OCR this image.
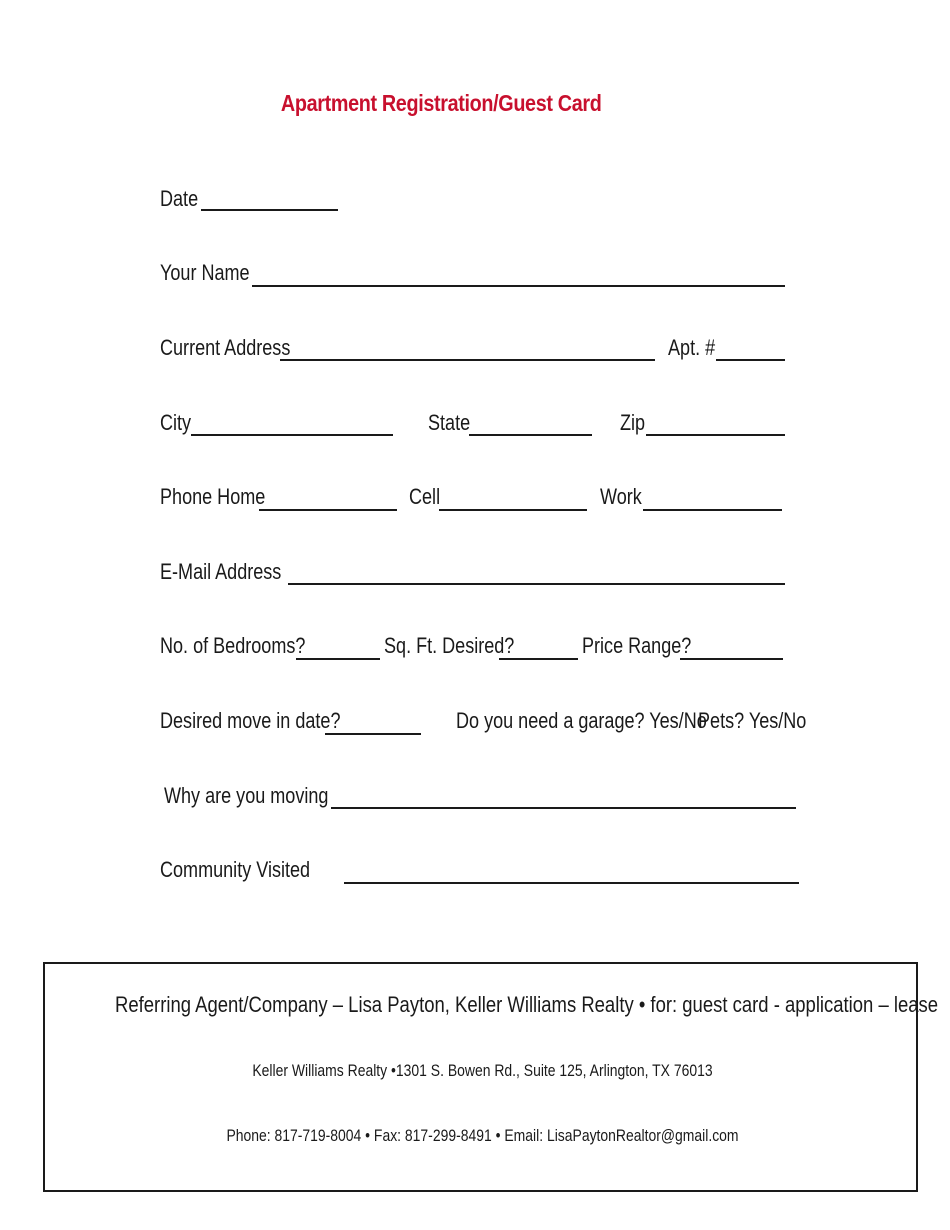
Apartment Registration/Guest Card
Date
Your Name
Current Address	Apt. #
City	State	Zip
Phone Home	Cell	Work
E-Mail Address
No. of Bedrooms?	Sq. Ft. Desired?	Price Range?
Desired move in date?	Do you need a garage? Yes/No
Pets? Yes/No
Why are you moving
Community Visited
Referring Agent/Company – Lisa Payton, Keller Williams Realty • for: guest card - application – lease
Keller Williams Realty •1301 S. Bowen Rd., Suite 125, Arlington, TX 76013
Phone: 817-719-8004 • Fax: 817-299-8491 • Email: LisaPaytonRealtor@gmail.com
